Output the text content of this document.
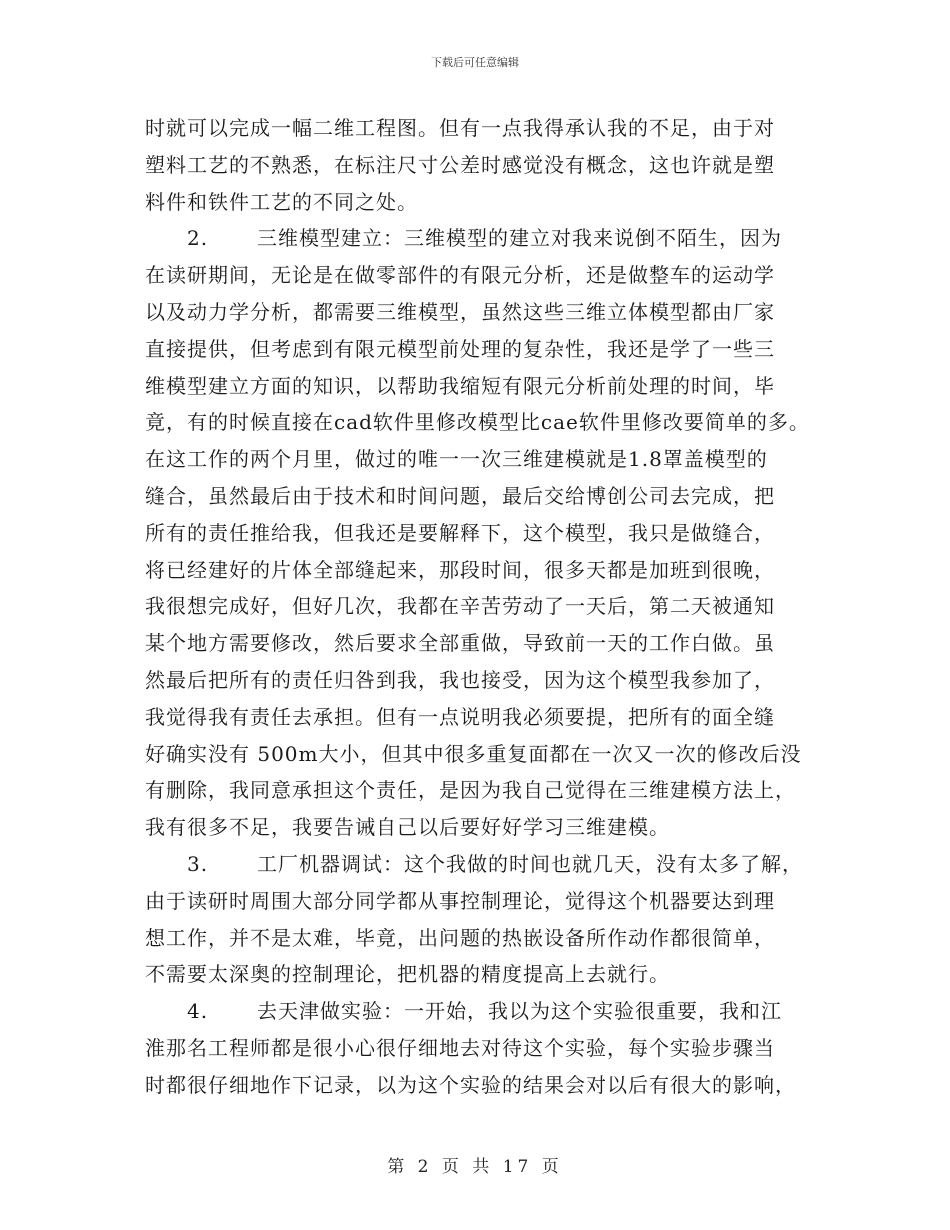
下载后可任意编辑
时就可以完成一幅二维工程图。但有一点我得承认我的不足，由于对
塑料工艺的不熟悉，在标注尺寸公差时感觉没有概念，这也许就是塑
料件和铁件工艺的不同之处。
2. 三维模型建立：三维模型的建立对我来说倒不陌生，因为
在读研期间，无论是在做零部件的有限元分析，还是做整车的运动学
以及动力学分析，都需要三维模型，虽然这些三维立体模型都由厂家
直接提供，但考虑到有限元模型前处理的复杂性，我还是学了一些三
维模型建立方面的知识，以帮助我缩短有限元分析前处理的时间，毕
竟，有的时候直接在cad软件里修改模型比cae软件里修改要简单的多。
在这工作的两个月里，做过的唯一一次三维建模就是1.8罩盖模型的
缝合，虽然最后由于技术和时间问题，最后交给博创公司去完成，把
所有的责任推给我，但我还是要解释下，这个模型，我只是做缝合，
将已经建好的片体全部缝起来，那段时间，很多天都是加班到很晚，
我很想完成好，但好几次，我都在辛苦劳动了一天后，第二天被通知
某个地方需要修改，然后要求全部重做，导致前一天的工作白做。虽
然最后把所有的责任归咎到我，我也接受，因为这个模型我参加了，
我觉得我有责任去承担。但有一点说明我必须要提，把所有的面全缝
好确实没有 500m大小，但其中很多重复面都在一次又一次的修改后没
有删除，我同意承担这个责任，是因为我自己觉得在三维建模方法上，
我有很多不足，我要告诫自己以后要好好学习三维建模。
3. 工厂机器调试：这个我做的时间也就几天，没有太多了解，
由于读研时周围大部分同学都从事控制理论，觉得这个机器要达到理
想工作，并不是太难，毕竟，出问题的热嵌设备所作动作都很简单，
不需要太深奥的控制理论，把机器的精度提高上去就行。
4. 去天津做实验：一开始，我以为这个实验很重要，我和江
淮那名工程师都是很小心很仔细地去对待这个实验，每个实验步骤当
时都很仔细地作下记录，以为这个实验的结果会对以后有很大的影响，
第 2 页 共 17 页
